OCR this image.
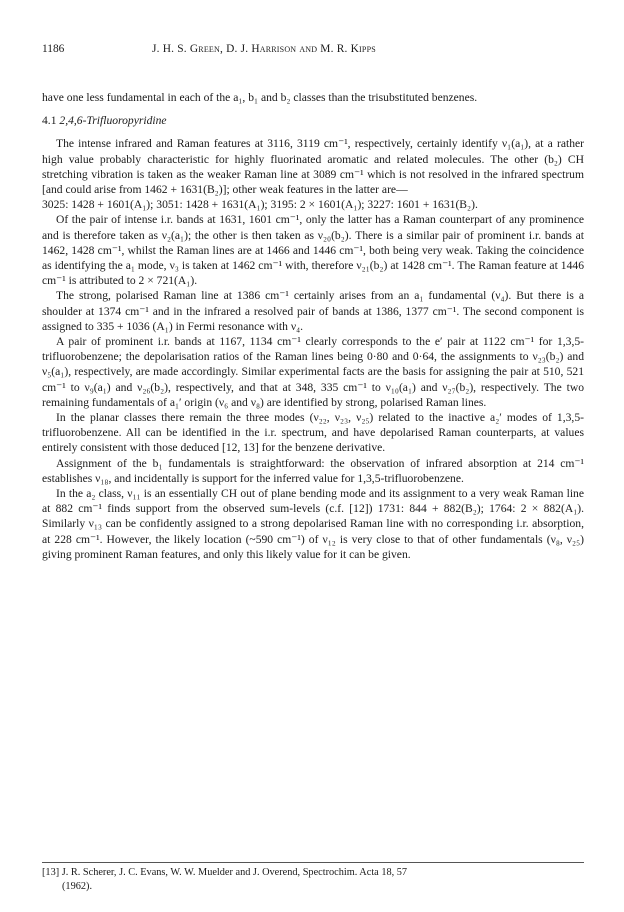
1186	J. H. S. Green, D. J. Harrison and M. R. Kipps

have one less fundamental in each of the a₁, b₁ and b₂ classes than the trisubstituted benzenes.

4.1 2,4,6-Trifluoropyridine

The intense infrared and Raman features at 3116, 3119 cm⁻¹, respectively, certainly identify ν₁(a₁), at a rather high value probably characteristic for highly fluorinated aromatic and related molecules. The other (b₂) CH stretching vibration is taken as the weaker Raman line at 3089 cm⁻¹ which is not resolved in the infrared spectrum [and could arise from 1462 + 1631(B₂)]; other weak features in the latter are—

3025: 1428 + 1601(A₁); 3051: 1428 + 1631(A₁); 3195: 2 × 1601(A₁); 3227: 1601 + 1631(B₂).

Of the pair of intense i.r. bands at 1631, 1601 cm⁻¹, only the latter has a Raman counterpart of any prominence and is therefore taken as ν₂(a₁); the other is then taken as ν₂₀(b₂). There is a similar pair of prominent i.r. bands at 1462, 1428 cm⁻¹, whilst the Raman lines are at 1466 and 1446 cm⁻¹, both being very weak. Taking the coincidence as identifying the a₁ mode, ν₃ is taken at 1462 cm⁻¹ with, therefore ν₂₁(b₂) at 1428 cm⁻¹. The Raman feature at 1446 cm⁻¹ is attributed to 2 × 721(A₁).

The strong, polarised Raman line at 1386 cm⁻¹ certainly arises from an a₁ fundamental (ν₄). But there is a shoulder at 1374 cm⁻¹ and in the infrared a resolved pair of bands at 1386, 1377 cm⁻¹. The second component is assigned to 335 + 1036 (A₁) in Fermi resonance with ν₄.

A pair of prominent i.r. bands at 1167, 1134 cm⁻¹ clearly corresponds to the e′ pair at 1122 cm⁻¹ for 1,3,5-trifluorobenzene; the depolarisation ratios of the Raman lines being 0·80 and 0·64, the assignments to ν₂₃(b₂) and ν₅(a₁), respectively, are made accordingly. Similar experimental facts are the basis for assigning the pair at 510, 521 cm⁻¹ to ν₉(a₁) and ν₂₆(b₂), respectively, and that at 348, 335 cm⁻¹ to ν₁₀(a₁) and ν₂₇(b₂), respectively. The two remaining fundamentals of a₁′ origin (ν₆ and ν₈) are identified by strong, polarised Raman lines.

In the planar classes there remain the three modes (ν₂₂, ν₂₃, ν₂₅) related to the inactive a₂′ modes of 1,3,5-trifluorobenzene. All can be identified in the i.r. spectrum, and have depolarised Raman counterparts, at values entirely consistent with those deduced [12, 13] for the benzene derivative.

Assignment of the b₁ fundamentals is straightforward: the observation of infrared absorption at 214 cm⁻¹ establishes ν₁₈, and incidentally is support for the inferred value for 1,3,5-trifluorobenzene.

In the a₂ class, ν₁₁ is an essentially CH out of plane bending mode and its assignment to a very weak Raman line at 882 cm⁻¹ finds support from the observed sum-levels (c.f. [12]) 1731: 844 + 882(B₂); 1764: 2 × 882(A₁). Similarly ν₁₃ can be confidently assigned to a strong depolarised Raman line with no corresponding i.r. absorption, at 228 cm⁻¹. However, the likely location (~590 cm⁻¹) of ν₁₂ is very close to that of other fundamentals (ν₈, ν₂₅) giving prominent Raman features, and only this likely value for it can be given.

[13] J. R. Scherer, J. C. Evans, W. W. Muelder and J. Overend, Spectrochim. Acta 18, 57

(1962).
